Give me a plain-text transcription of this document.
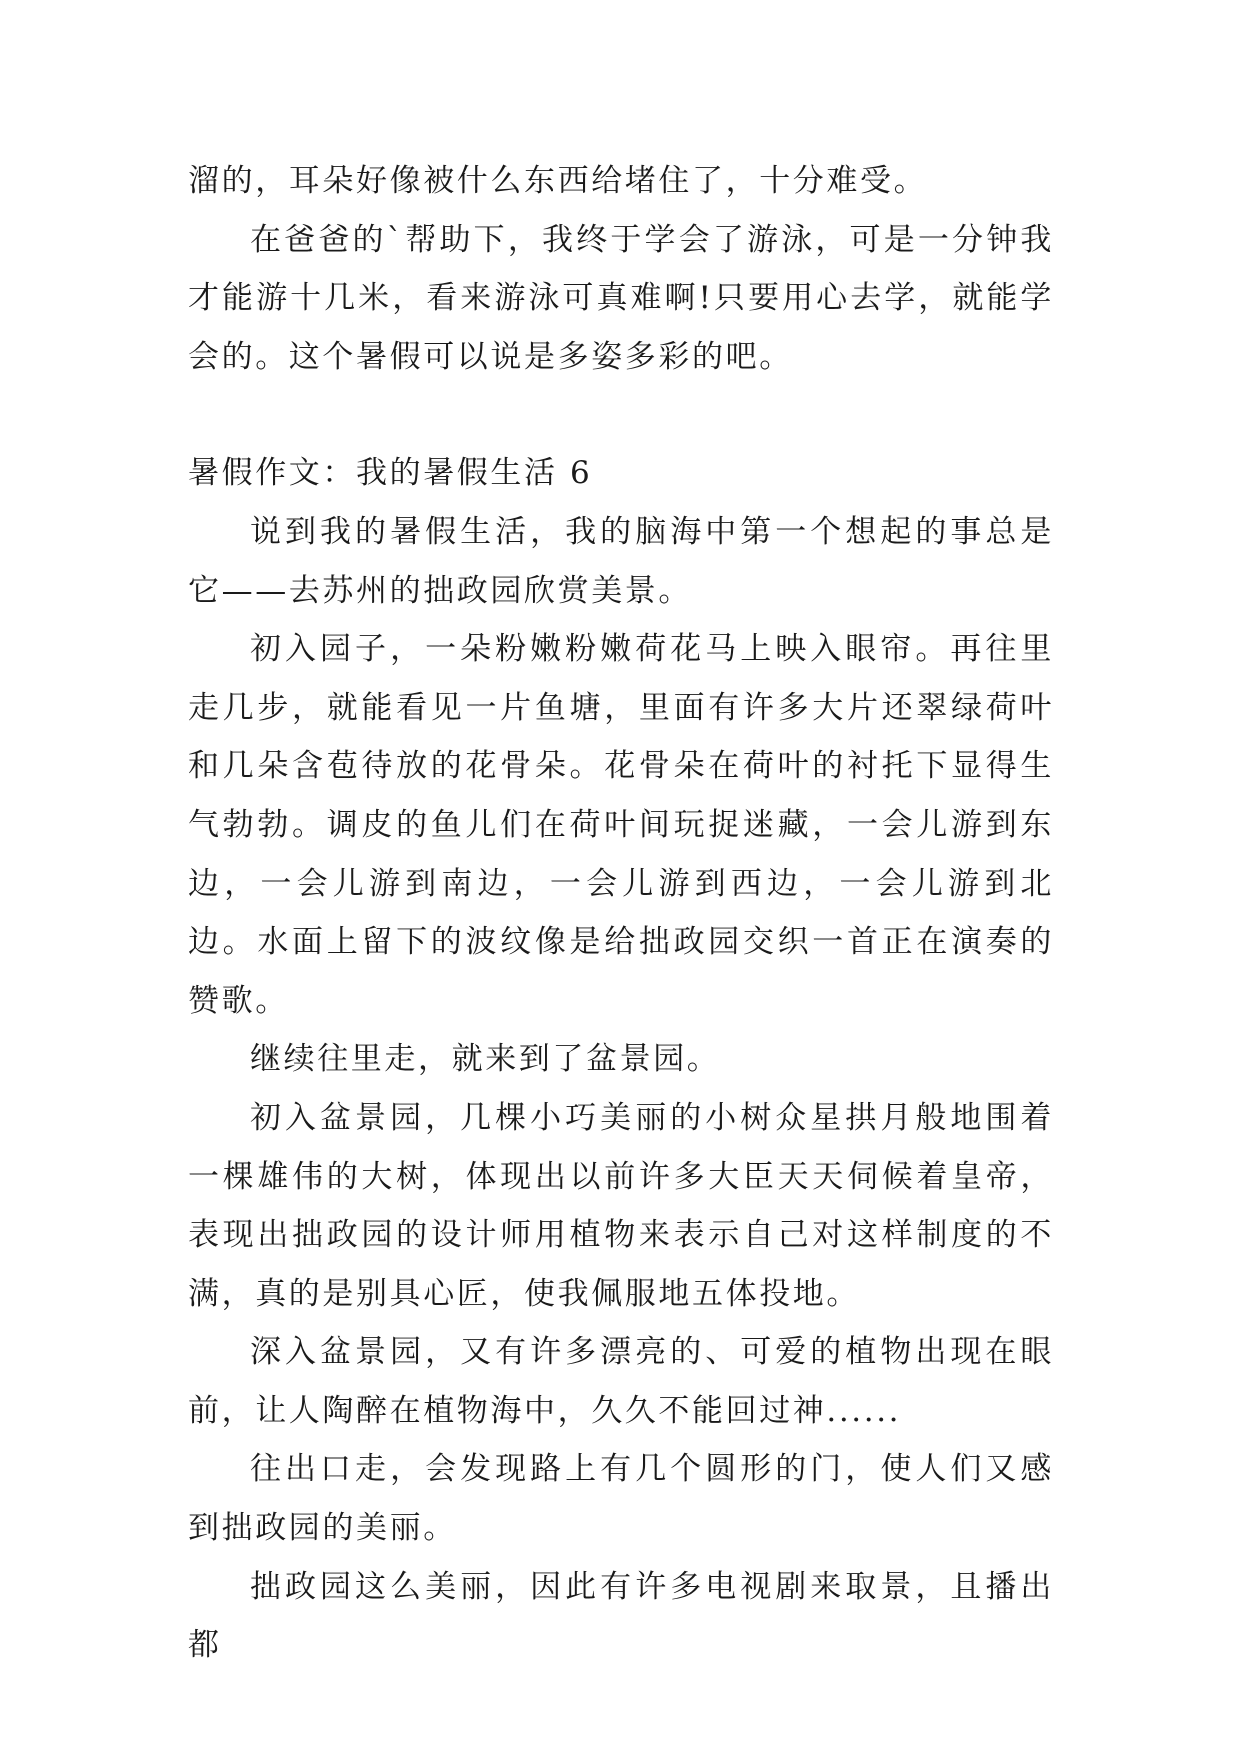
溜的，耳朵好像被什么东西给堵住了，十分难受。

在爸爸的`帮助下，我终于学会了游泳，可是一分钟我才能游十几米，看来游泳可真难啊!只要用心去学，就能学会的。这个暑假可以说是多姿多彩的吧。

暑假作文：我的暑假生活 6

说到我的暑假生活，我的脑海中第一个想起的事总是它——去苏州的拙政园欣赏美景。

初入园子，一朵粉嫩粉嫩荷花马上映入眼帘。再往里走几步，就能看见一片鱼塘，里面有许多大片还翠绿荷叶和几朵含苞待放的花骨朵。花骨朵在荷叶的衬托下显得生气勃勃。调皮的鱼儿们在荷叶间玩捉迷藏，一会儿游到东边，一会儿游到南边，一会儿游到西边，一会儿游到北边。水面上留下的波纹像是给拙政园交织一首正在演奏的赞歌。

继续往里走，就来到了盆景园。

初入盆景园，几棵小巧美丽的小树众星拱月般地围着一棵雄伟的大树，体现出以前许多大臣天天伺候着皇帝，表现出拙政园的设计师用植物来表示自己对这样制度的不满，真的是别具心匠，使我佩服地五体投地。

深入盆景园，又有许多漂亮的、可爱的植物出现在眼前，让人陶醉在植物海中，久久不能回过神......

往出口走，会发现路上有几个圆形的门，使人们又感到拙政园的美丽。

拙政园这么美丽，因此有许多电视剧来取景，且播出都
